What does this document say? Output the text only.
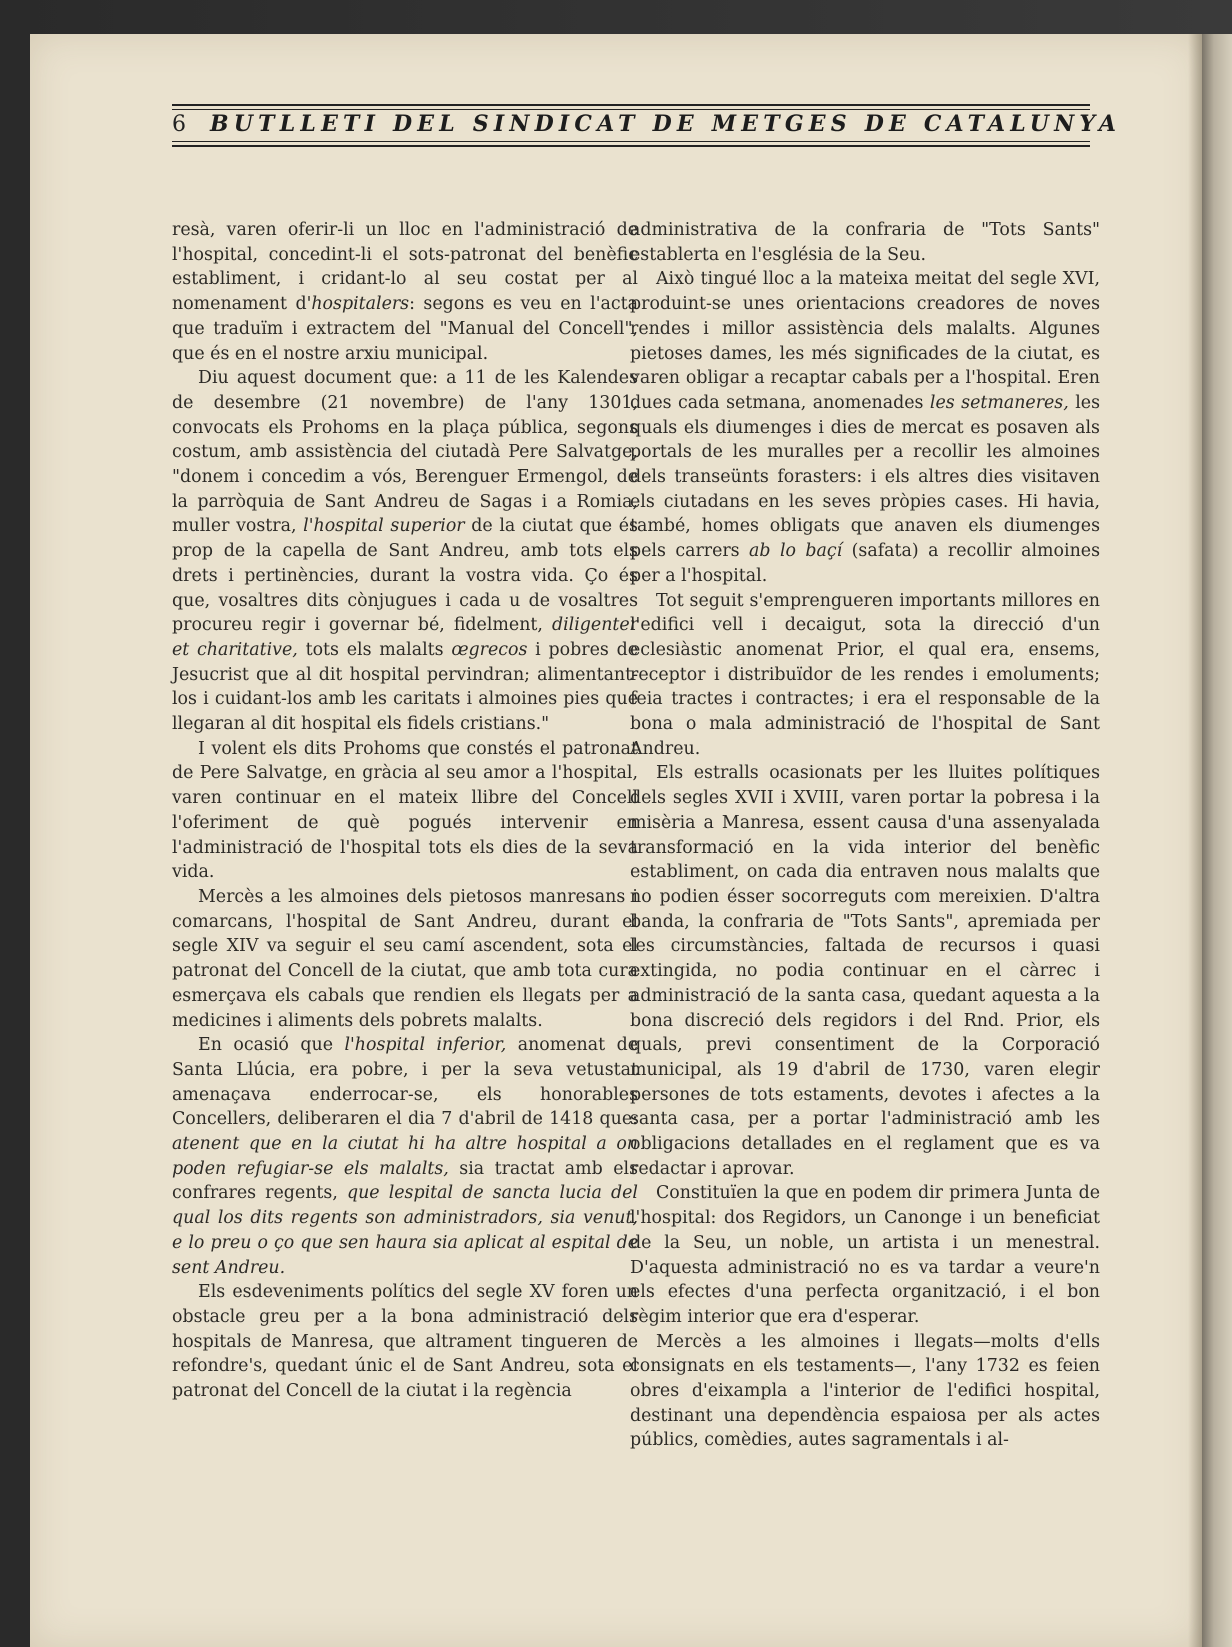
6 BUTLLETI DEL SINDICAT DE METGES DE CATALUNYA

resà, varen oferir-li un lloc en l'administració de l'hospital, concedint-li el sots-patronat del benèfic establiment, i cridant-lo al seu costat per al nomenament d'hospitalers: segons es veu en l'acta que traduïm i extractem del "Manual del Concell", que és en el nostre arxiu municipal.

Diu aquest document que: a 11 de les Kalendes de desembre (21 novembre) de l'any 1301, convocats els Prohoms en la plaça pública, segons costum, amb assistència del ciutadà Pere Salvatge, "donem i concedim a vós, Berenguer Ermengol, de la parròquia de Sant Andreu de Sagas i a Romia, muller vostra, l'hospital superior de la ciutat que és prop de la capella de Sant Andreu, amb tots els drets i pertinències, durant la vostra vida. Ço és que, vosaltres dits cònjugues i cada u de vosaltres procureu regir i governar bé, fidelment, diligenter et charitative, tots els malalts œgrecos i pobres de Jesucrist que al dit hospital pervindran; alimentant-los i cuidant-los amb les caritats i almoines pies que llegaran al dit hospital els fidels cristians."

I volent els dits Prohoms que constés el patronat de Pere Salvatge, en gràcia al seu amor a l'hospital, varen continuar en el mateix llibre del Concell l'oferiment de què pogués intervenir en l'administració de l'hospital tots els dies de la seva vida.

Mercès a les almoines dels pietosos manresans i comarcans, l'hospital de Sant Andreu, durant el segle XIV va seguir el seu camí ascendent, sota el patronat del Concell de la ciutat, que amb tota cura esmerçava els cabals que rendien els llegats per a medicines i aliments dels pobrets malalts.

En ocasió que l'hospital inferior, anomenat de Santa Llúcia, era pobre, i per la seva vetustat amenaçava enderrocar-se, els honorables Concellers, deliberaren el dia 7 d'abril de 1418 que: atenent que en la ciutat hi ha altre hospital a on poden refugiar-se els malalts, sia tractat amb els confrares regents, que lespital de sancta lucia del qual los dits regents son administradors, sia venut, e lo preu o ço que sen haura sia aplicat al espital de sent Andreu.

Els esdeveniments polítics del segle XV foren un obstacle greu per a la bona administració dels hospitals de Manresa, que altrament tingueren de refondre's, quedant únic el de Sant Andreu, sota el patronat del Concell de la ciutat i la regència

administrativa de la confraria de "Tots Sants" establerta en l'església de la Seu.

Això tingué lloc a la mateixa meitat del segle XVI, produint-se unes orientacions creadores de noves rendes i millor assistència dels malalts. Algunes pietoses dames, les més significades de la ciutat, es varen obligar a recaptar cabals per a l'hospital. Eren dues cada setmana, anomenades les setmaneres, les quals els diumenges i dies de mercat es posaven als portals de les muralles per a recollir les almoines dels transeünts forasters: i els altres dies visitaven els ciutadans en les seves pròpies cases. Hi havia, també, homes obligats que anaven els diumenges pels carrers ab lo baçí (safata) a recollir almoines per a l'hospital.

Tot seguit s'emprengueren importants millores en l'edifici vell i decaigut, sota la direcció d'un eclesiàstic anomenat Prior, el qual era, ensems, receptor i distribuïdor de les rendes i emoluments; feia tractes i contractes; i era el responsable de la bona o mala administració de l'hospital de Sant Andreu.

Els estralls ocasionats per les lluites polítiques dels segles XVII i XVIII, varen portar la pobresa i la misèria a Manresa, essent causa d'una assenyalada transformació en la vida interior del benèfic establiment, on cada dia entraven nous malalts que no podien ésser socorreguts com mereixien. D'altra banda, la confraria de "Tots Sants", apremiada per les circumstàncies, faltada de recursos i quasi extingida, no podia continuar en el càrrec i administració de la santa casa, quedant aquesta a la bona discreció dels regidors i del Rnd. Prior, els quals, previ consentiment de la Corporació municipal, als 19 d'abril de 1730, varen elegir persones de tots estaments, devotes i afectes a la santa casa, per a portar l'administració amb les obligacions detallades en el reglament que es va redactar i aprovar.

Constituïen la que en podem dir primera Junta de l'hospital: dos Regidors, un Canonge i un beneficiat de la Seu, un noble, un artista i un menestral. D'aquesta administració no es va tardar a veure'n els efectes d'una perfecta organització, i el bon règim interior que era d'esperar.

Mercès a les almoines i llegats—molts d'ells consignats en els testaments—, l'any 1732 es feien obres d'eixampla a l'interior de l'edifici hospital, destinant una dependència espaiosa per als actes públics, comèdies, autes sagramentals i al-
